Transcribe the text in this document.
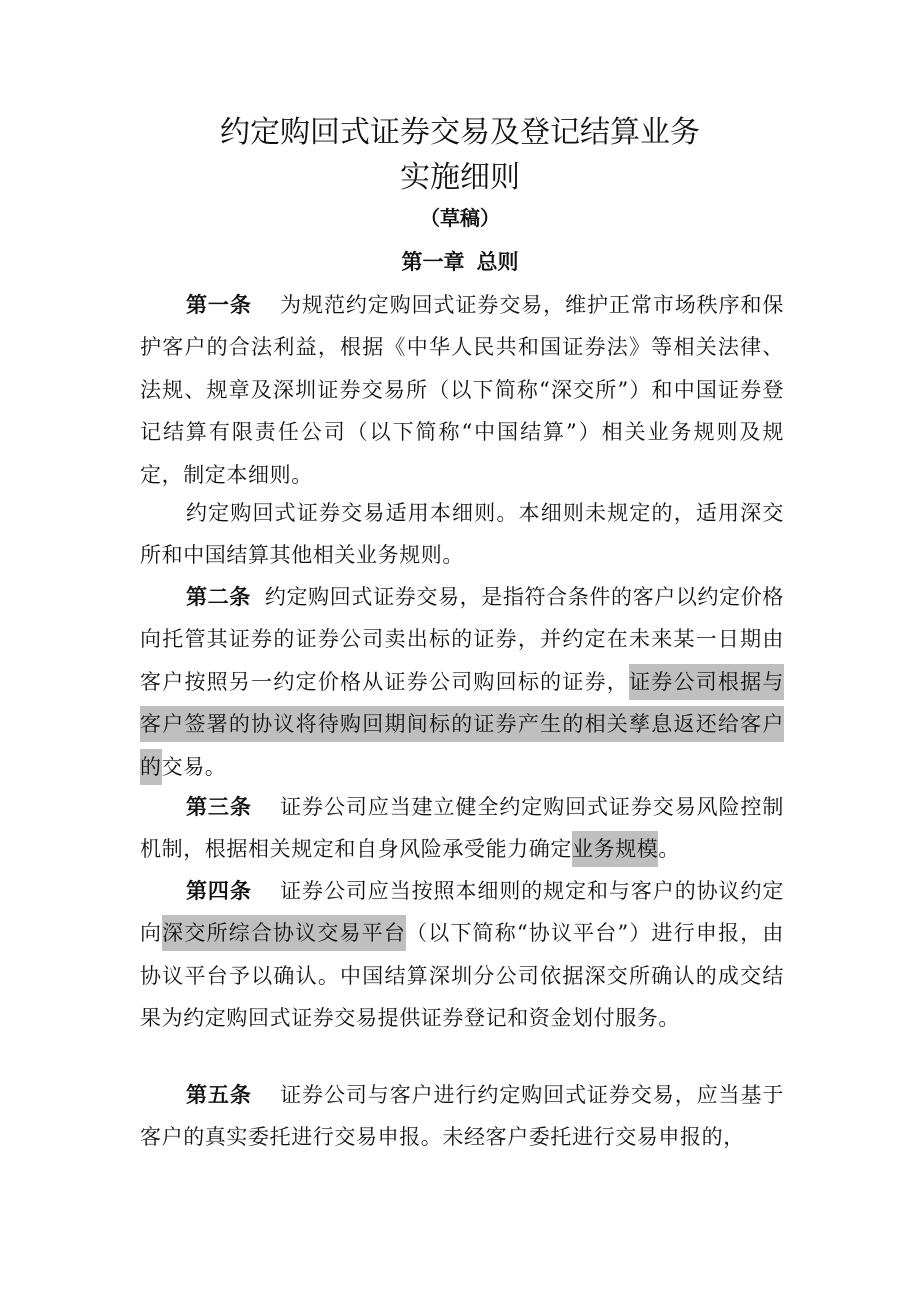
约定购回式证券交易及登记结算业务
实施细则
（草稿）
第一章 总则
第一条 为规范约定购回式证券交易，维护正常市场秩序和保护客户的合法利益，根据《中华人民共和国证券法》等相关法律、法规、规章及深圳证券交易所（以下简称“深交所”）和中国证券登记结算有限责任公司（以下简称“中国结算”）相关业务规则及规定，制定本细则。
约定购回式证券交易适用本细则。本细则未规定的，适用深交所和中国结算其他相关业务规则。
第二条 约定购回式证券交易，是指符合条件的客户以约定价格向托管其证券的证券公司卖出标的证券，并约定在未来某一日期由客户按照另一约定价格从证券公司购回标的证券，证券公司根据与客户签署的协议将待购回期间标的证券产生的相关孳息返还给客户的交易。
第三条 证券公司应当建立健全约定购回式证券交易风险控制机制，根据相关规定和自身风险承受能力确定业务规模。
第四条 证券公司应当按照本细则的规定和与客户的协议约定向深交所综合协议交易平台（以下简称“协议平台”）进行申报，由协议平台予以确认。中国结算深圳分公司依据深交所确认的成交结果为约定购回式证券交易提供证券登记和资金划付服务。
第五条 证券公司与客户进行约定购回式证券交易，应当基于客户的真实委托进行交易申报。未经客户委托进行交易申报的，
